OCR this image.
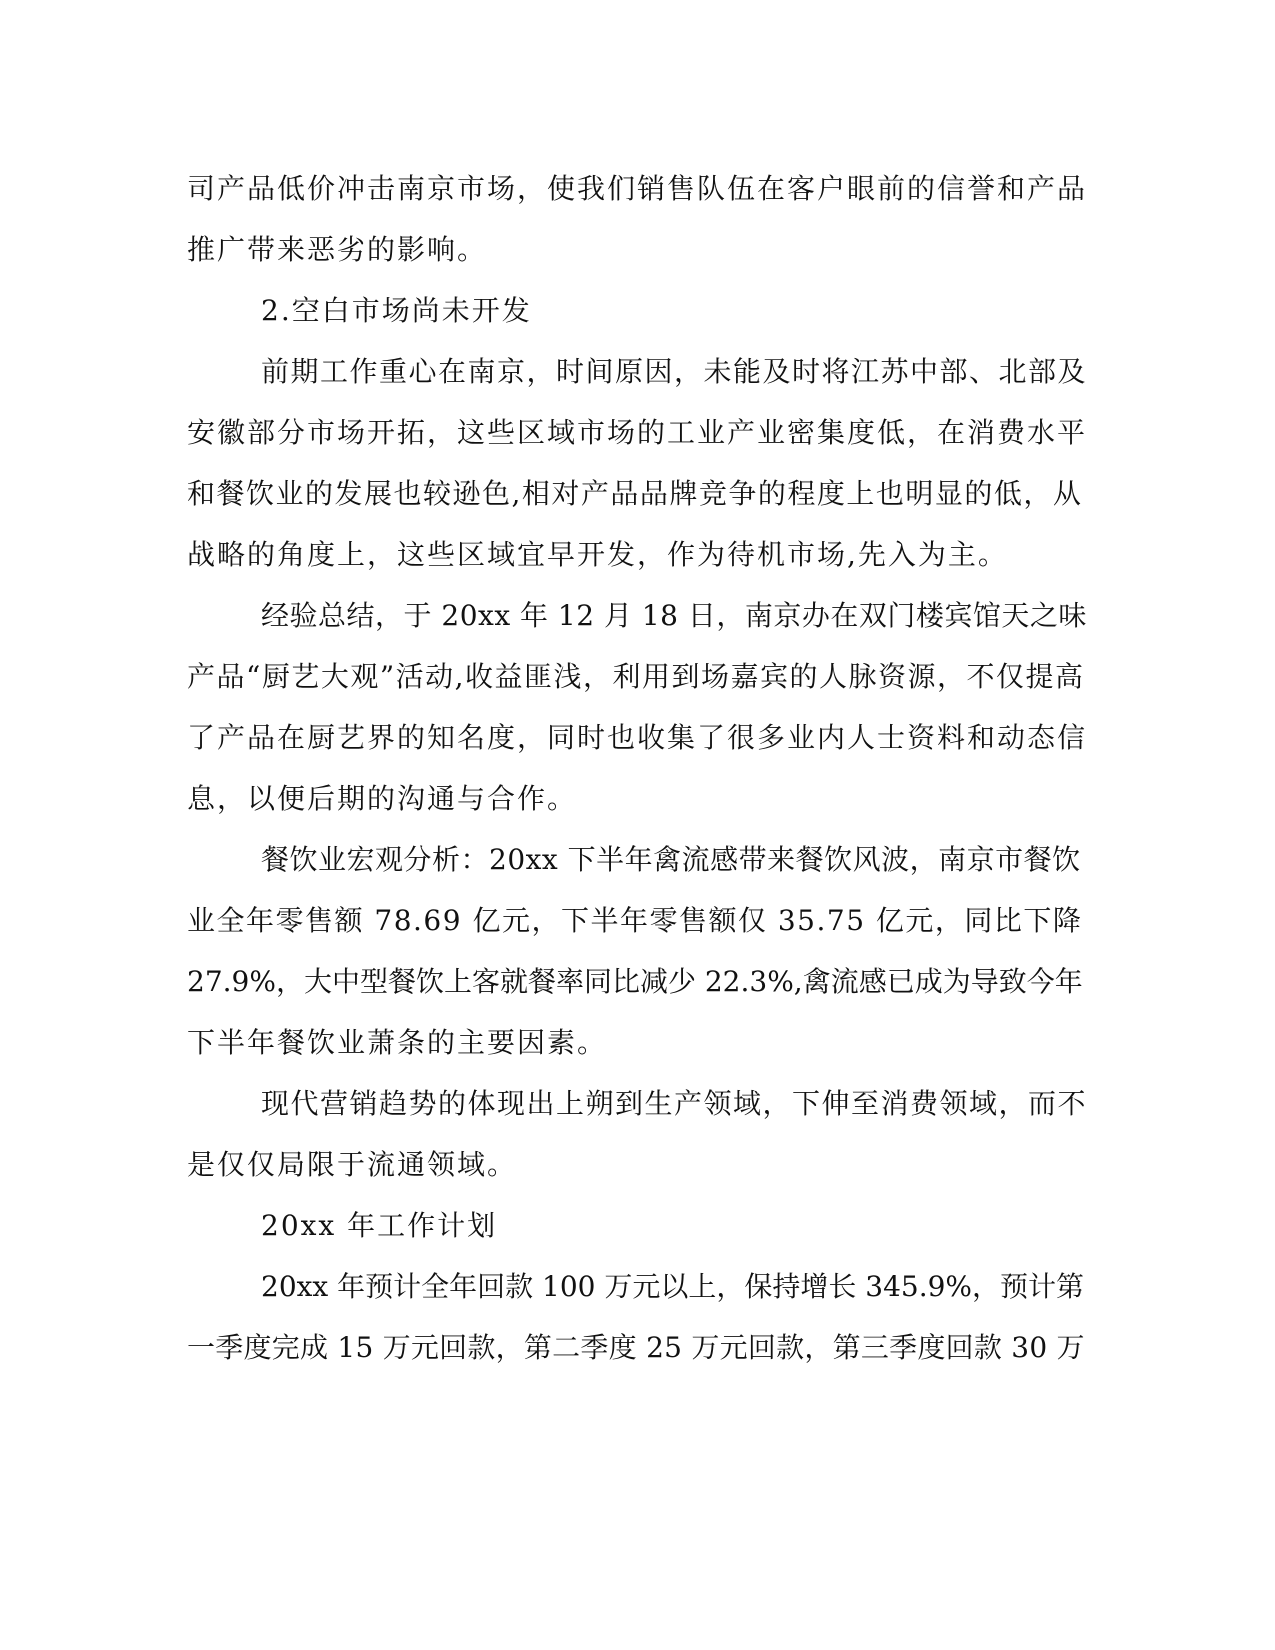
司产品低价冲击南京市场，使我们销售队伍在客户眼前的信誉和产品
推广带来恶劣的影响。
2.空白市场尚未开发
前期工作重心在南京，时间原因，未能及时将江苏中部、北部及
安徽部分市场开拓，这些区域市场的工业产业密集度低，在消费水平
和餐饮业的发展也较逊色,相对产品品牌竞争的程度上也明显的低，从
战略的角度上，这些区域宜早开发，作为待机市场,先入为主。
经验总结，于 20xx 年 12 月 18 日，南京办在双门楼宾馆天之味
产品“厨艺大观”活动,收益匪浅，利用到场嘉宾的人脉资源，不仅提高
了产品在厨艺界的知名度，同时也收集了很多业内人士资料和动态信
息，以便后期的沟通与合作。
餐饮业宏观分析：20xx 下半年禽流感带来餐饮风波，南京市餐饮
业全年零售额 78.69 亿元，下半年零售额仅 35.75 亿元，同比下降
27.9%，大中型餐饮上客就餐率同比减少 22.3%,禽流感已成为导致今年
下半年餐饮业萧条的主要因素。
现代营销趋势的体现出上朔到生产领域，下伸至消费领域，而不
是仅仅局限于流通领域。
20xx 年工作计划
20xx 年预计全年回款 100 万元以上，保持增长 345.9%，预计第
一季度完成 15 万元回款，第二季度 25 万元回款，第三季度回款 30 万
